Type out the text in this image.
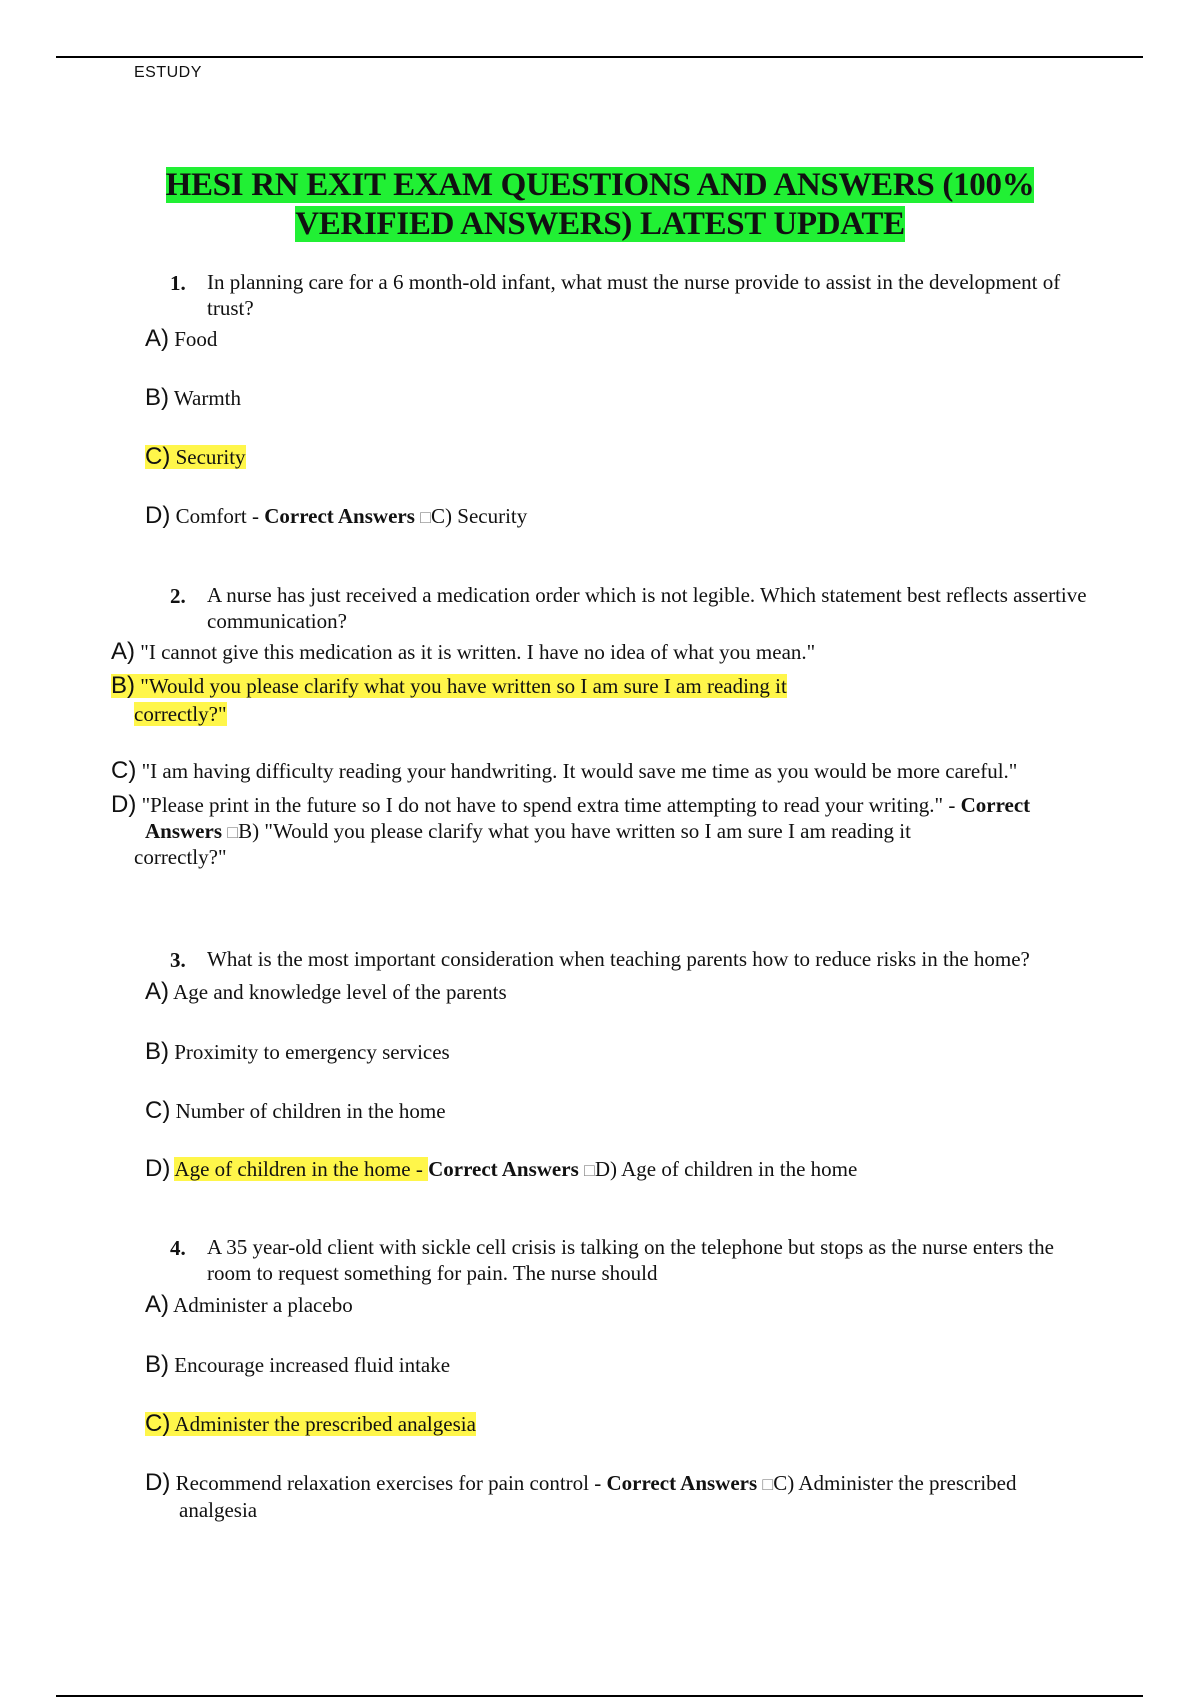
ESTUDY
HESI RN EXIT EXAM QUESTIONS AND ANSWERS (100%
VERIFIED ANSWERS) LATEST UPDATE
1. In planning care for a 6 month-old infant, what must the nurse provide to assist in the development of trust?
A) Food
B) Warmth
C) Security
D) Comfort - Correct Answers □C) Security
2. A nurse has just received a medication order which is not legible. Which statement best reflects assertive communication?
A) "I cannot give this medication as it is written. I have no idea of what you mean."
B) "Would you please clarify what you have written so I am sure I am reading it
correctly?"
C) "I am having difficulty reading your handwriting. It would save me time as you would be more careful."
D) "Please print in the future so I do not have to spend extra time attempting to read your writing." - Correct
Answers □B) "Would you please clarify what you have written so I am sure I am reading it
correctly?"
3. What is the most important consideration when teaching parents how to reduce risks in the home?
A) Age and knowledge level of the parents
B) Proximity to emergency services
C) Number of children in the home
D) Age of children in the home - Correct Answers □D) Age of children in the home
4. A 35 year-old client with sickle cell crisis is talking on the telephone but stops as the nurse enters the room to request something for pain. The nurse should
A) Administer a placebo
B) Encourage increased fluid intake
C) Administer the prescribed analgesia
D) Recommend relaxation exercises for pain control - Correct Answers □C) Administer the prescribed
analgesia
